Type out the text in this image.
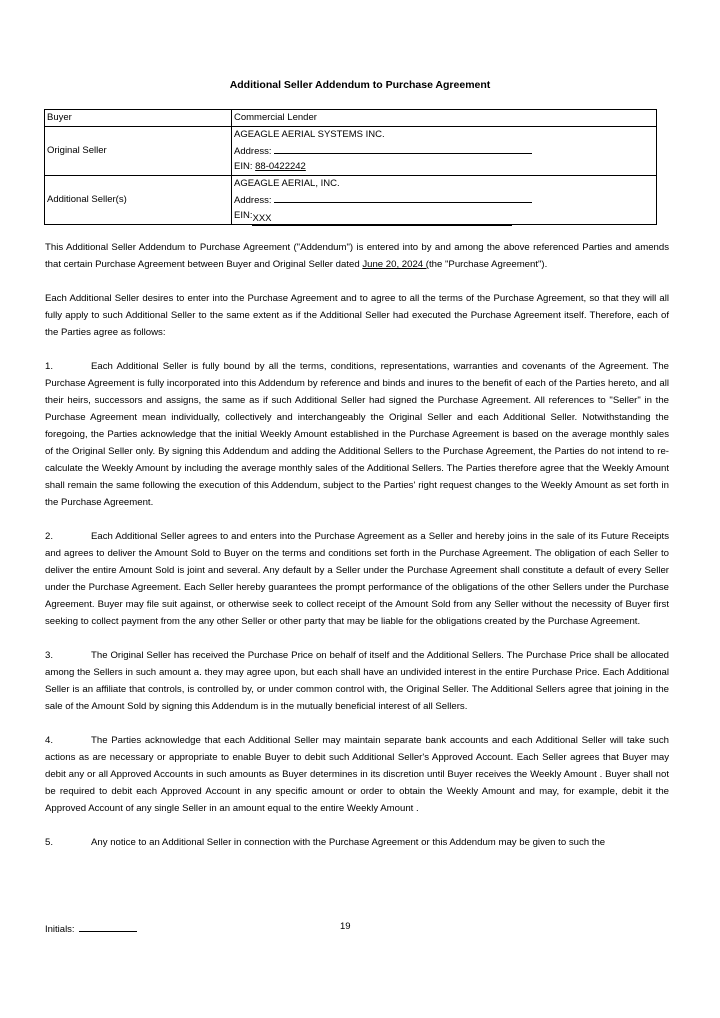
Additional Seller Addendum to Purchase Agreement
Buyer	Commercial Lender

Original Seller	AGEAGLE AERIAL SYSTEMS INC.
Address:
EIN: 88-0422242

Additional Seller(s)	AGEAGLE AERIAL, INC.
Address:
EIN:XXX

This Additional Seller Addendum to Purchase Agreement ("Addendum") is entered into by and among the above referenced Parties and amends that certain Purchase Agreement between Buyer and Original Seller dated June 20, 2024 (the "Purchase Agreement").

Each Additional Seller desires to enter into the Purchase Agreement and to agree to all the terms of the Purchase Agreement, so that they will all fully apply to such Additional Seller to the same extent as if the Additional Seller had executed the Purchase Agreement itself. Therefore, each of the Parties agree as follows:

1.	Each Additional Seller is fully bound by all the terms, conditions, representations, warranties and covenants of the Agreement. The Purchase Agreement is fully incorporated into this Addendum by reference and binds and inures to the benefit of each of the Parties hereto, and all their heirs, successors and assigns, the same as if such Additional Seller had signed the Purchase Agreement. All references to "Seller" in the Purchase Agreement mean individually, collectively and interchangeably the Original Seller and each Additional Seller. Notwithstanding the foregoing, the Parties acknowledge that the initial Weekly Amount established in the Purchase Agreement is based on the average monthly sales of the Original Seller only. By signing this Addendum and adding the Additional Sellers to the Purchase Agreement, the Parties do not intend to re-calculate the Weekly Amount by including the average monthly sales of the Additional Sellers. The Parties therefore agree that the Weekly Amount shall remain the same following the execution of this Addendum, subject to the Parties' right request changes to the Weekly Amount as set forth in the Purchase Agreement.

2.	Each Additional Seller agrees to and enters into the Purchase Agreement as a Seller and hereby joins in the sale of its Future Receipts and agrees to deliver the Amount Sold to Buyer on the terms and conditions set forth in the Purchase Agreement. The obligation of each Seller to deliver the entire Amount Sold is joint and several. Any default by a Seller under the Purchase Agreement shall constitute a default of every Seller under the Purchase Agreement. Each Seller hereby guarantees the prompt performance of the obligations of the other Sellers under the Purchase Agreement. Buyer may file suit against, or otherwise seek to collect receipt of the Amount Sold from any Seller without the necessity of Buyer first seeking to collect payment from the any other Seller or other party that may be liable for the obligations created by the Purchase Agreement.

3.	The Original Seller has received the Purchase Price on behalf of itself and the Additional Sellers. The Purchase Price shall be allocated among the Sellers in such amount a. they may agree upon, but each shall have an undivided interest in the entire Purchase Price. Each Additional Seller is an affiliate that controls, is controlled by, or under common control with, the Original Seller. The Additional Sellers agree that joining in the sale of the Amount Sold by signing this Addendum is in the mutually beneficial interest of all Sellers.

4.	The Parties acknowledge that each Additional Seller may maintain separate bank accounts and each Additional Seller will take such actions as are necessary or appropriate to enable Buyer to debit such Additional Seller's Approved Account. Each Seller agrees that Buyer may debit any or all Approved Accounts in such amounts as Buyer determines in its discretion until Buyer receives the Weekly Amount . Buyer shall not be required to debit each Approved Account in any specific amount or order to obtain the Weekly Amount and may, for example, debit it the Approved Account of any single Seller in an amount equal to the entire Weekly Amount .

5.	Any notice to an Additional Seller in connection with the Purchase Agreement or this Addendum may be given to such the

Initials:	19
